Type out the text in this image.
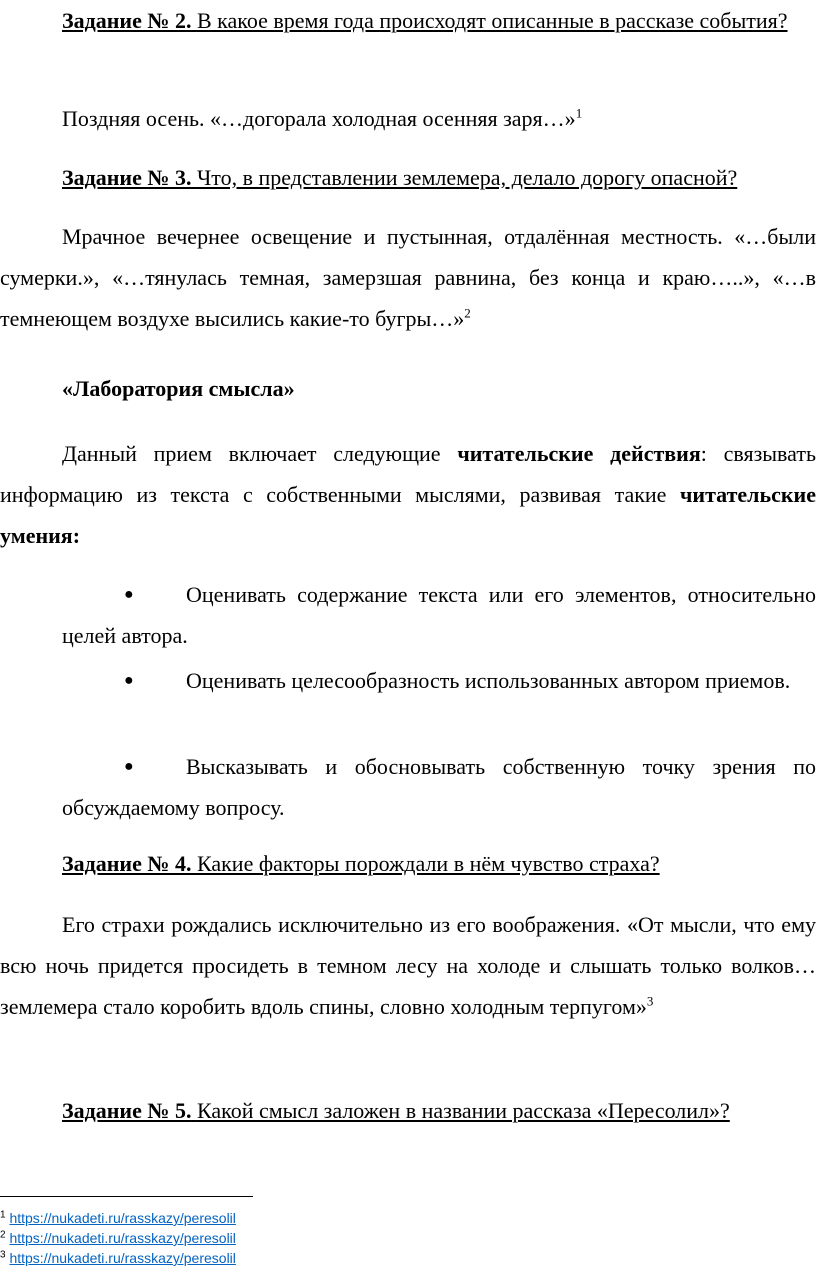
Задание № 2. В какое время года происходят описанные в рассказе события?

Поздняя осень. «…догорала холодная осенняя заря…»$^1$

Задание № 3. Что, в представлении землемера, делало дорогу опасной?

Мрачное вечернее освещение и пустынная, отдалённая местность. «…были сумерки.», «…тянулась темная, замерзшая равнина, без конца и краю…..», «…в темнеющем воздухе высились какие-то бугры…»$^2$

«Лаборатория смысла»

Данный прием включает следующие читательские действия: связывать информацию из текста с собственными мыслями, развивая такие читательские умения:

● Оценивать содержание текста или его элементов, относительно целей автора.

● Оценивать целесообразность использованных автором приемов.

● Высказывать и обосновывать собственную точку зрения по обсуждаемому вопросу.

Задание № 4. Какие факторы порождали в нём чувство страха?

Его страхи рождались исключительно из его воображения. «От мысли, что ему всю ночь придется просидеть в темном лесу на холоде и слышать только волков… землемера стало коробить вдоль спины, словно холодным терпугом»$^3$

Задание № 5. Какой смысл заложен в названии рассказа «Пересолил»?

$^1$ https://nukadeti.ru/rasskazy/peresolil
$^2$ https://nukadeti.ru/rasskazy/peresolil
$^3$ https://nukadeti.ru/rasskazy/peresolil
